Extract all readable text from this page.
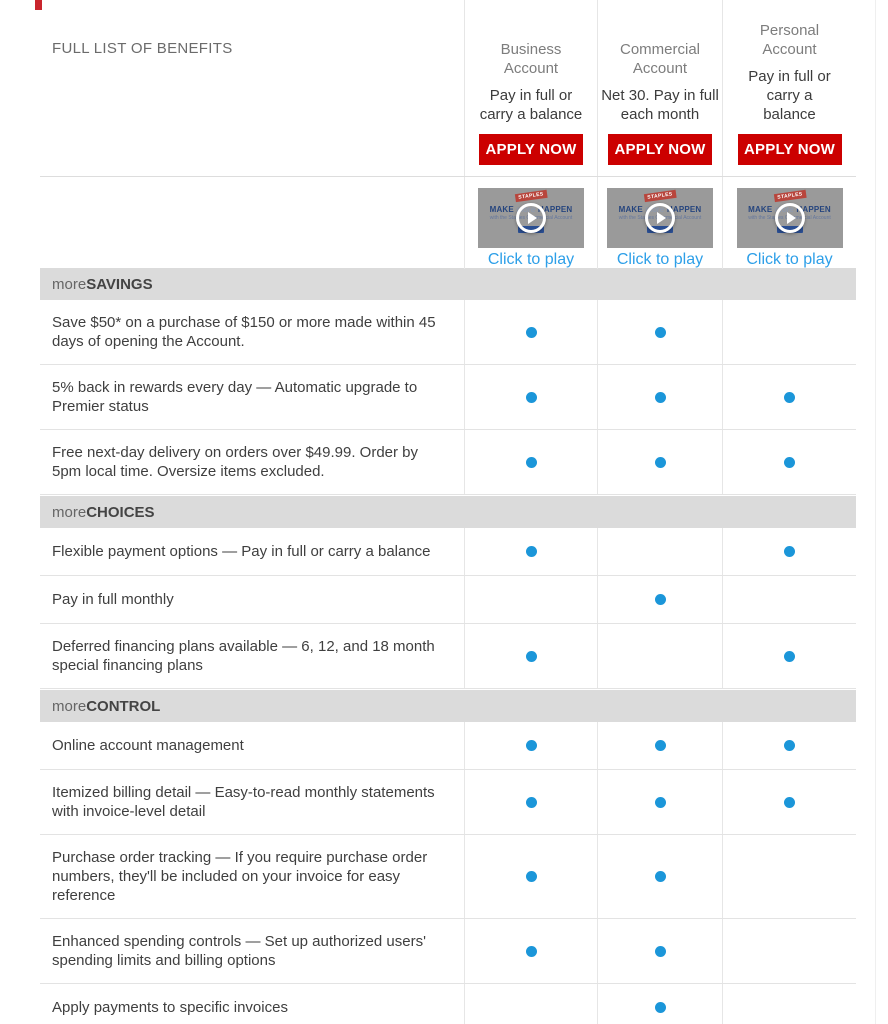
FULL LIST OF BENEFITS	Business Account
Pay in full or carry a balance
APPLY NOW
Commercial Account
Net 30. Pay in full each month
APPLY NOW
Personal Account
Pay in full or carry a balance
APPLY NOW
STAPLES
MAKE more HAPPEN
with the Staples Commercial Account
Click to play
STAPLES
MAKE more HAPPEN
with the Staples Commercial Account
Click to play
STAPLES
MAKE more HAPPEN
with the Staples Commercial Account
Click to play
more SAVINGS
Save $50* on a purchase of $150 or more made within 45 days of opening the Account.
5% back in rewards every day — Automatic upgrade to Premier status
Free next-day delivery on orders over $49.99. Order by 5pm local time. Oversize items excluded.
more CHOICES
Flexible payment options — Pay in full or carry a balance
Pay in full monthly
Deferred financing plans available — 6, 12, and 18 month special financing plans
more CONTROL
Online account management
Itemized billing detail — Easy-to-read monthly statements with invoice-level detail
Purchase order tracking — If you require purchase order numbers, they'll be included on your invoice for easy reference
Enhanced spending controls — Set up authorized users' spending limits and billing options
Apply payments to specific invoices
